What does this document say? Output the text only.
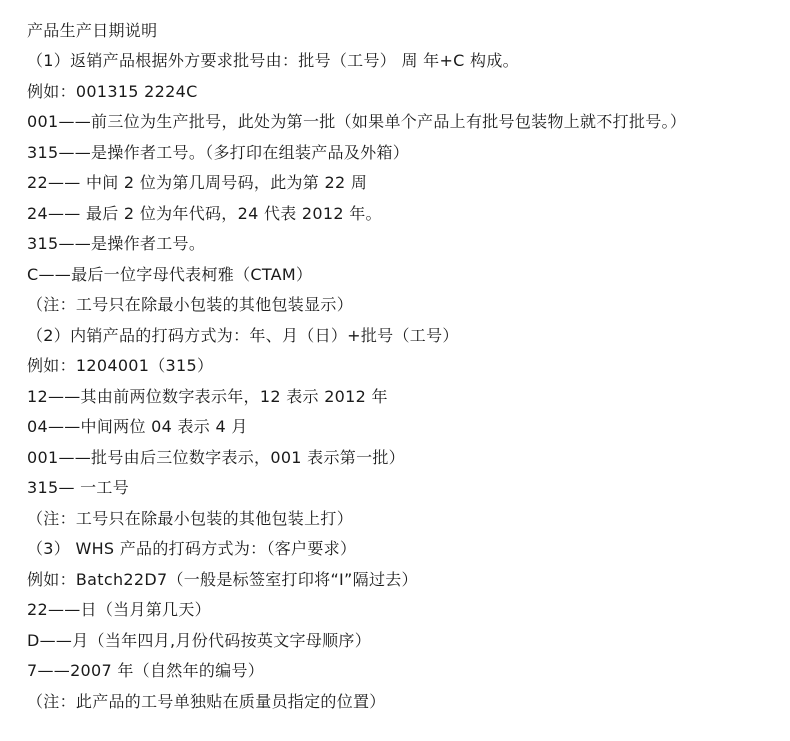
产品生产日期说明
（1）返销产品根据外方要求批号由：批号（工号） 周 年+C 构成。
例如：001315 2224C
001——前三位为生产批号，此处为第一批（如果单个产品上有批号包装物上就不打批号。）
315——是操作者工号。（多打印在组装产品及外箱）
22—— 中间 2 位为第几周号码，此为第 22 周
24—— 最后 2 位为年代码，24 代表 2012 年。
315——是操作者工号。
C——最后一位字母代表柯雅（CTAM）
（注：工号只在除最小包装的其他包装显示）
（2）内销产品的打码方式为：年、月（日）+批号（工号）
例如：1204001（315）
12——其由前两位数字表示年，12 表示 2012 年
04——中间两位 04 表示 4 月
001——批号由后三位数字表示，001 表示第一批）
315— 一工号
（注：工号只在除最小包装的其他包装上打）
（3） WHS 产品的打码方式为：（客户要求）
例如：Batch22D7（一般是标签室打印将“I”隔过去）
22——日（当月第几天）
D——月（当年四月,月份代码按英文字母顺序）
7——2007 年（自然年的编号）
（注：此产品的工号单独贴在质量员指定的位置）
